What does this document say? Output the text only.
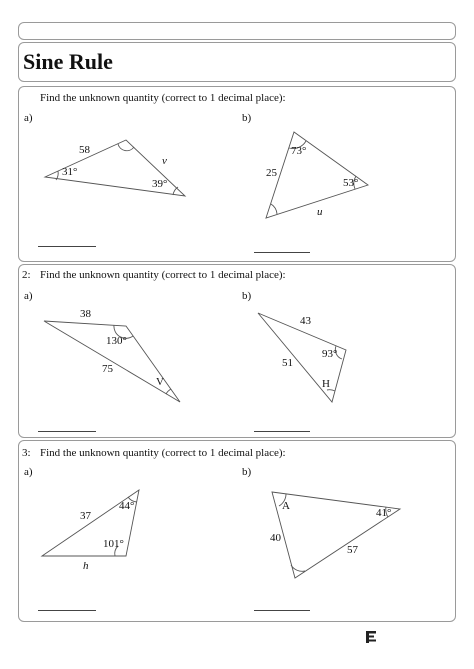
Sine Rule
Find the unknown quantity (correct to 1 decimal place):
a)	b)
2: Find the unknown quantity (correct to 1 decimal place):
a)	b)
3: Find the unknown quantity (correct to 1 decimal place):
a)	b)
58
31°
39°
v
25
73°
53°
u
38
75
130°
V
43
51
93°
H
37
44°
101°
h
A
41°
40
57
